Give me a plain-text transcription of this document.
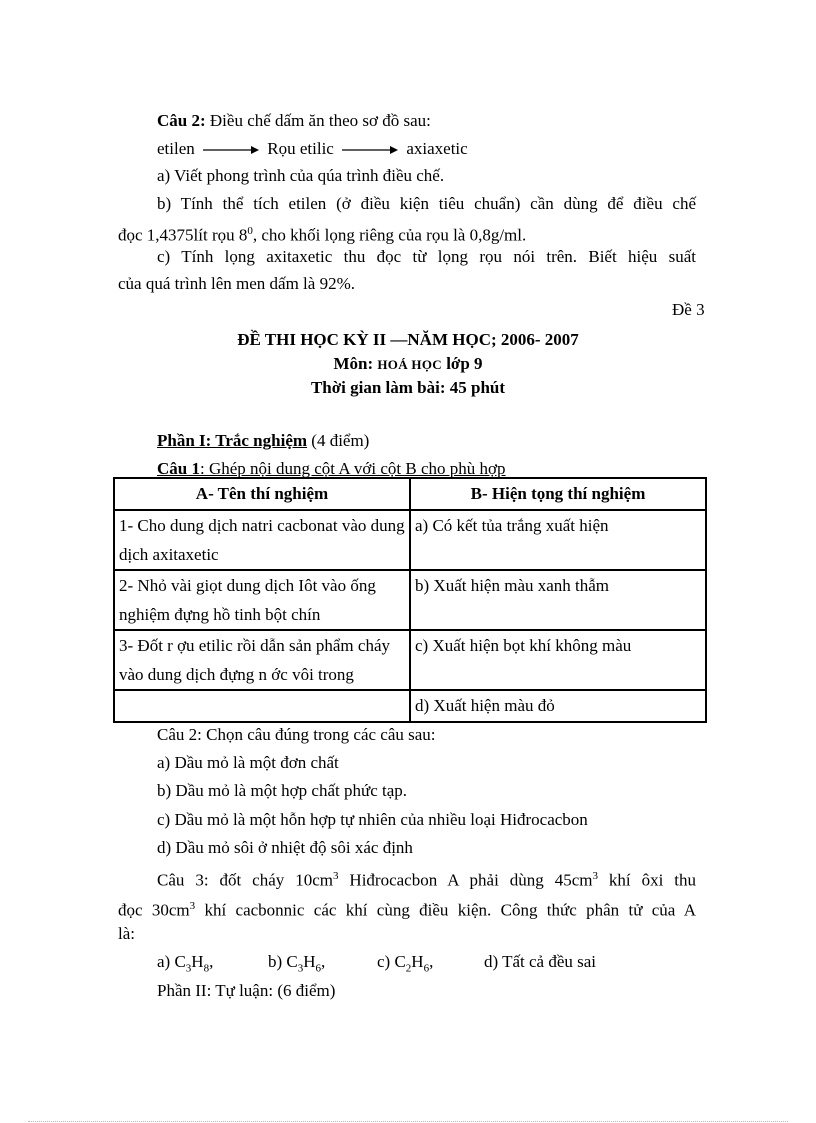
Câu 2: Điều chế dấm ăn theo sơ đồ sau:
etilen	Rọu etilic	axiaxetic
a) Viết phong trình của qúa trình điều chế.
b) Tính thể tích etilen (ở điều kiện tiêu chuẩn) cần dùng để điều chế
đọc 1,4375lít rọu $8^0$, cho khối lọng riêng của rọu là 0,8g/ml.
c) Tính lọng axitaxetic thu đọc từ lọng rọu nói trên. Biết hiệu suất
của quá trình lên men dấm là 92%.
Đề 3
ĐỀ THI HỌC KỲ II —NĂM HỌC; 2006- 2007
Môn: HOÁ HỌC lớp 9
Thời gian làm bài: 45 phút
Phần I: Trắc nghiệm (4 điểm)
Câu 1: Ghép nội dung cột A với cột B cho phù hợp
A- Tên thí nghiệm	B- Hiện tọng thí nghiệm
1- Cho dung dịch natri cacbonat vào dung dịch axitaxetic	a) Có kết tủa trắng xuất hiện
2- Nhỏ vài giọt dung dịch Iôt vào ống nghiệm đựng hồ tinh bột chín	b) Xuất hiện màu xanh thẫm
3- Đốt r ợu etilic rồi dẫn sản phẩm cháy vào dung dịch đựng n ớc vôi trong	c) Xuất hiện bọt khí không màu
	d) Xuất hiện màu đỏ
Câu 2: Chọn câu đúng trong các câu sau:
a) Dầu mỏ là một đơn chất
b) Dầu mỏ là một hợp chất phức tạp.
c) Dầu mỏ là một hỗn hợp tự nhiên của nhiều loại Hiđrocacbon
d) Dầu mỏ sôi ở nhiệt độ sôi xác định
Câu 3: đốt cháy $10cm^3$ Hiđrocacbon A phải dùng $45cm^3$ khí ôxi thu
đọc $30cm^3$ khí cacbonnic các khí cùng điều kiện. Công thức phân tử của A
là:
a) $C_3H_8$,	b) $C_3H_6$,	c) $C_2H_6$,	d) Tất cả đều sai
Phần II: Tự luận: (6 điểm)
